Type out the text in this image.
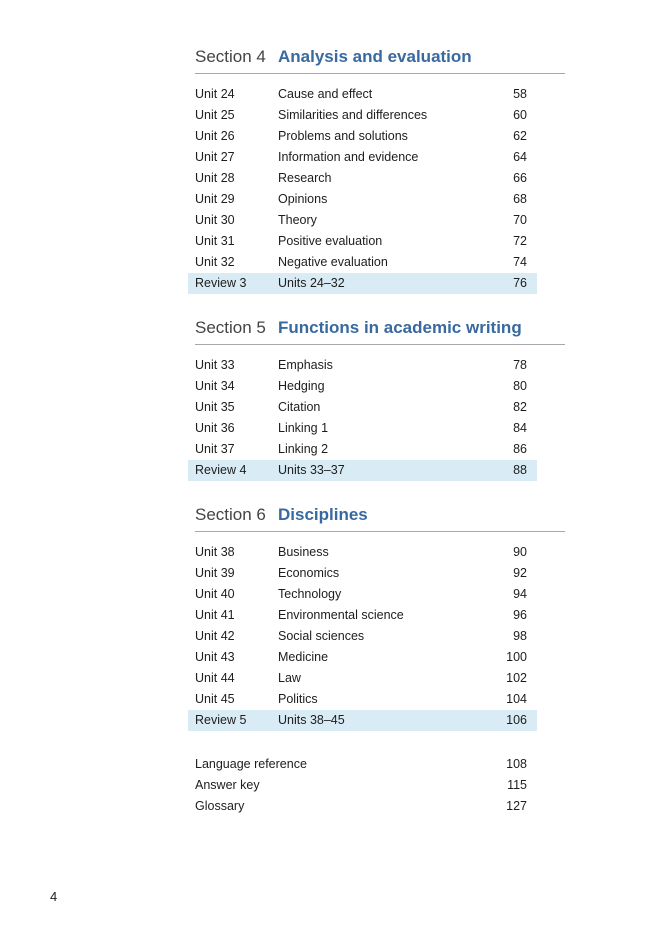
Section 4 Analysis and evaluation
Unit 24	Cause and effect	58
Unit 25	Similarities and differences	60
Unit 26	Problems and solutions	62
Unit 27	Information and evidence	64
Unit 28	Research	66
Unit 29	Opinions	68
Unit 30	Theory	70
Unit 31	Positive evaluation	72
Unit 32	Negative evaluation	74
Review 3	Units 24–32	76
Section 5 Functions in academic writing
Unit 33	Emphasis	78
Unit 34	Hedging	80
Unit 35	Citation	82
Unit 36	Linking 1	84
Unit 37	Linking 2	86
Review 4	Units 33–37	88
Section 6 Disciplines
Unit 38	Business	90
Unit 39	Economics	92
Unit 40	Technology	94
Unit 41	Environmental science	96
Unit 42	Social sciences	98
Unit 43	Medicine	100
Unit 44	Law	102
Unit 45	Politics	104
Review 5	Units 38–45	106
Language reference	108
Answer key	115
Glossary	127
4
